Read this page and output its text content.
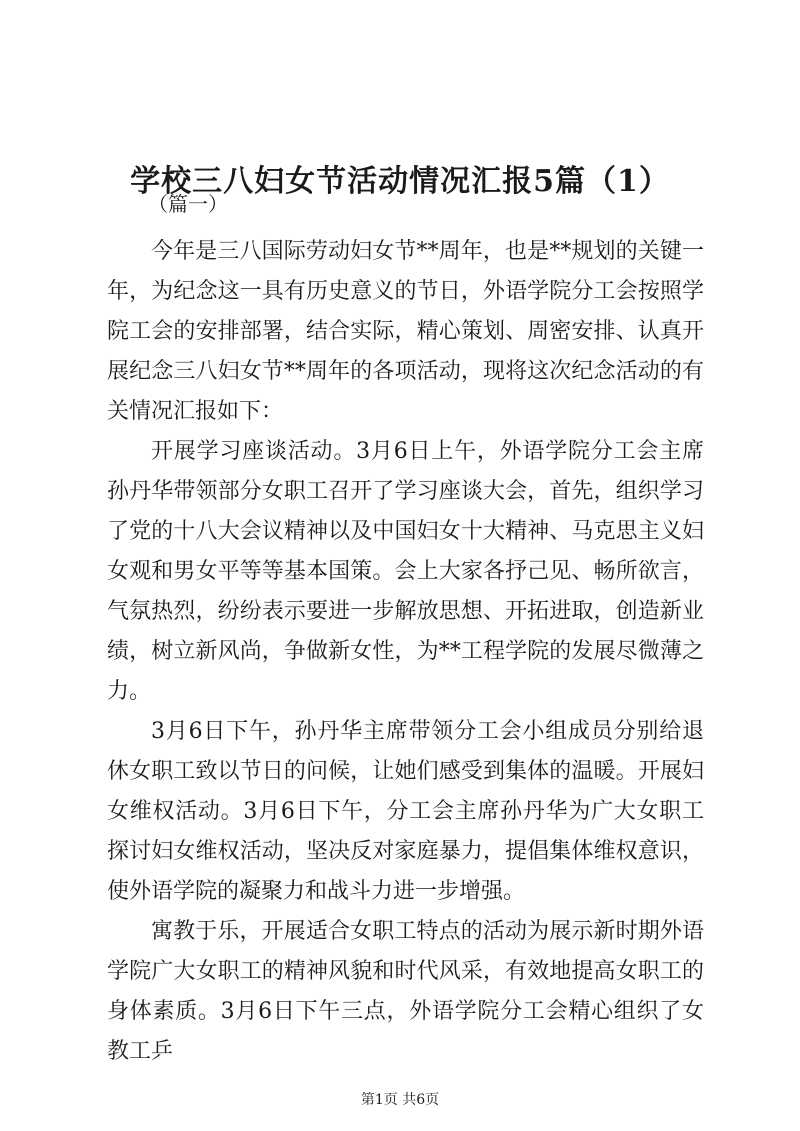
学校三八妇女节活动情况汇报5篇（1）
（篇一）

今年是三八国际劳动妇女节**周年，也是**规划的关键一年，为纪念这一具有历史意义的节日，外语学院分工会按照学院工会的安排部署，结合实际，精心策划、周密安排、认真开展纪念三八妇女节**周年的各项活动，现将这次纪念活动的有关情况汇报如下：

开展学习座谈活动。3月6日上午，外语学院分工会主席孙丹华带领部分女职工召开了学习座谈大会，首先，组织学习了党的十八大会议精神以及中国妇女十大精神、马克思主义妇女观和男女平等等基本国策。会上大家各抒己见、畅所欲言，气氛热烈，纷纷表示要进一步解放思想、开拓进取，创造新业绩，树立新风尚，争做新女性，为**工程学院的发展尽微薄之力。

3月6日下午，孙丹华主席带领分工会小组成员分别给退休女职工致以节日的问候，让她们感受到集体的温暖。开展妇女维权活动。3月6日下午，分工会主席孙丹华为广大女职工探讨妇女维权活动，坚决反对家庭暴力，提倡集体维权意识，使外语学院的凝聚力和战斗力进一步增强。

寓教于乐，开展适合女职工特点的活动为展示新时期外语学院广大女职工的精神风貌和时代风采，有效地提高女职工的身体素质。3月6日下午三点，外语学院分工会精心组织了女教工乒

第1页 共6页
